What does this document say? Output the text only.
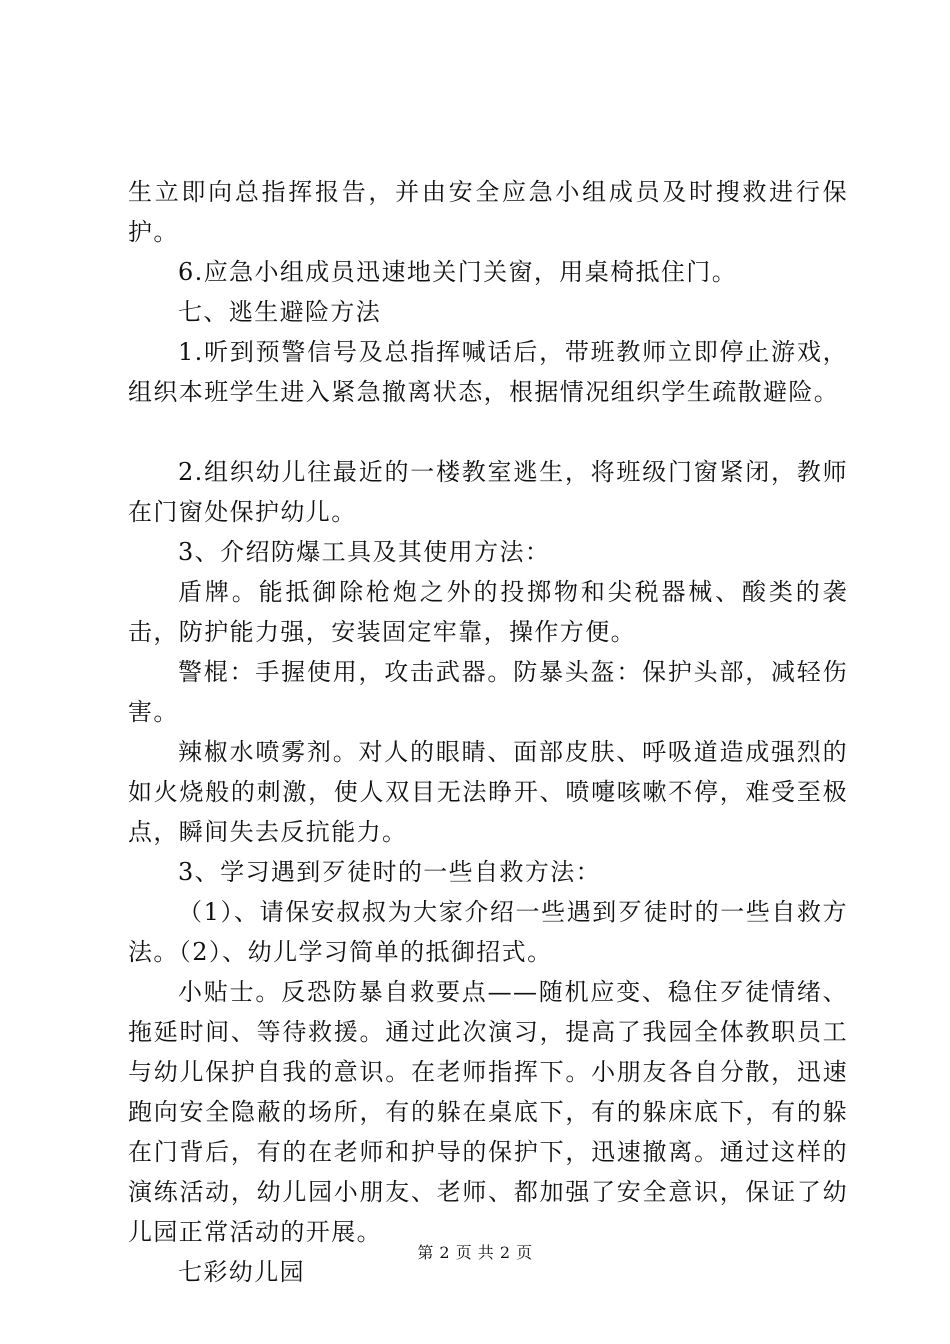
生立即向总指挥报告，并由安全应急小组成员及时搜救进行保护。

6.应急小组成员迅速地关门关窗，用桌椅抵住门。

七、逃生避险方法

1.听到预警信号及总指挥喊话后，带班教师立即停止游戏，组织本班学生进入紧急撤离状态，根据情况组织学生疏散避险。

2.组织幼儿往最近的一楼教室逃生，将班级门窗紧闭，教师在门窗处保护幼儿。

3、介绍防爆工具及其使用方法：

盾牌。能抵御除枪炮之外的投掷物和尖税器械、酸类的袭击，防护能力强，安装固定牢靠，操作方便。

警棍：手握使用，攻击武器。防暴头盔：保护头部，减轻伤害。

辣椒水喷雾剂。对人的眼睛、面部皮肤、呼吸道造成强烈的如火烧般的刺激，使人双目无法睁开、喷嚏咳嗽不停，难受至极点，瞬间失去反抗能力。

3、学习遇到歹徒时的一些自救方法：

（1）、请保安叔叔为大家介绍一些遇到歹徒时的一些自救方法。（2）、幼儿学习简单的抵御招式。

小贴士。反恐防暴自救要点——随机应变、稳住歹徒情绪、拖延时间、等待救援。通过此次演习，提高了我园全体教职员工与幼儿保护自我的意识。在老师指挥下。小朋友各自分散，迅速跑向安全隐蔽的场所，有的躲在桌底下，有的躲床底下，有的躲在门背后，有的在老师和护导的保护下，迅速撤离。通过这样的演练活动，幼儿园小朋友、老师、都加强了安全意识，保证了幼儿园正常活动的开展。

七彩幼儿园

第 2 页 共 2 页
